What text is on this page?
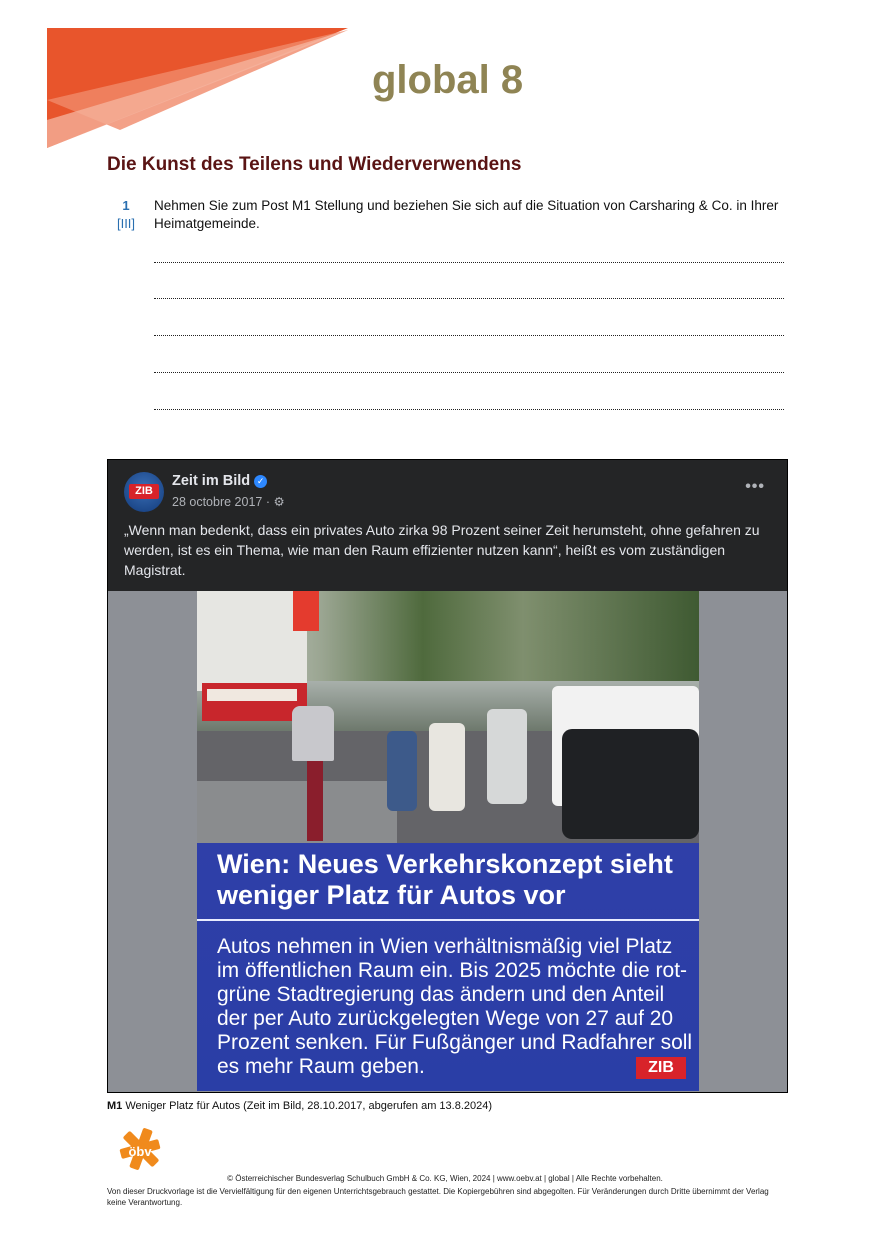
global 8
Die Kunst des Teilens und Wiederverwendens
1
[III]
Nehmen Sie zum Post M1 Stellung und beziehen Sie sich auf die Situation von Carsharing & Co. in Ihrer Heimatgemeinde.
ZIB
Zeit im Bild ✓
28 octobre 2017 · ⚙
•••
„Wenn man bedenkt, dass ein privates Auto zirka 98 Prozent seiner Zeit herumsteht, ohne gefahren zu werden, ist es ein Thema, wie man den Raum effizienter nutzen kann“, heißt es vom zuständigen Magistrat.
Wien: Neues Verkehrskonzept sieht weniger Platz für Autos vor
Autos nehmen in Wien verhältnismäßig viel Platz im öffentlichen Raum ein. Bis 2025 möchte die rot-grüne Stadtregierung das ändern und den Anteil der per Auto zurückgelegten Wege von 27 auf 20 Prozent senken. Für Fußgänger und Radfahrer soll es mehr Raum geben.	ZIB
M1 Weniger Platz für Autos (Zeit im Bild, 28.10.2017, abgerufen am 13.8.2024)
öbv
© Österreichischer Bundesverlag Schulbuch GmbH & Co. KG, Wien, 2024 | www.oebv.at | global | Alle Rechte vorbehalten.
Von dieser Druckvorlage ist die Vervielfältigung für den eigenen Unterrichtsgebrauch gestattet. Die Kopiergebühren sind abgegolten. Für Veränderungen durch Dritte übernimmt der Verlag keine Verantwortung.
